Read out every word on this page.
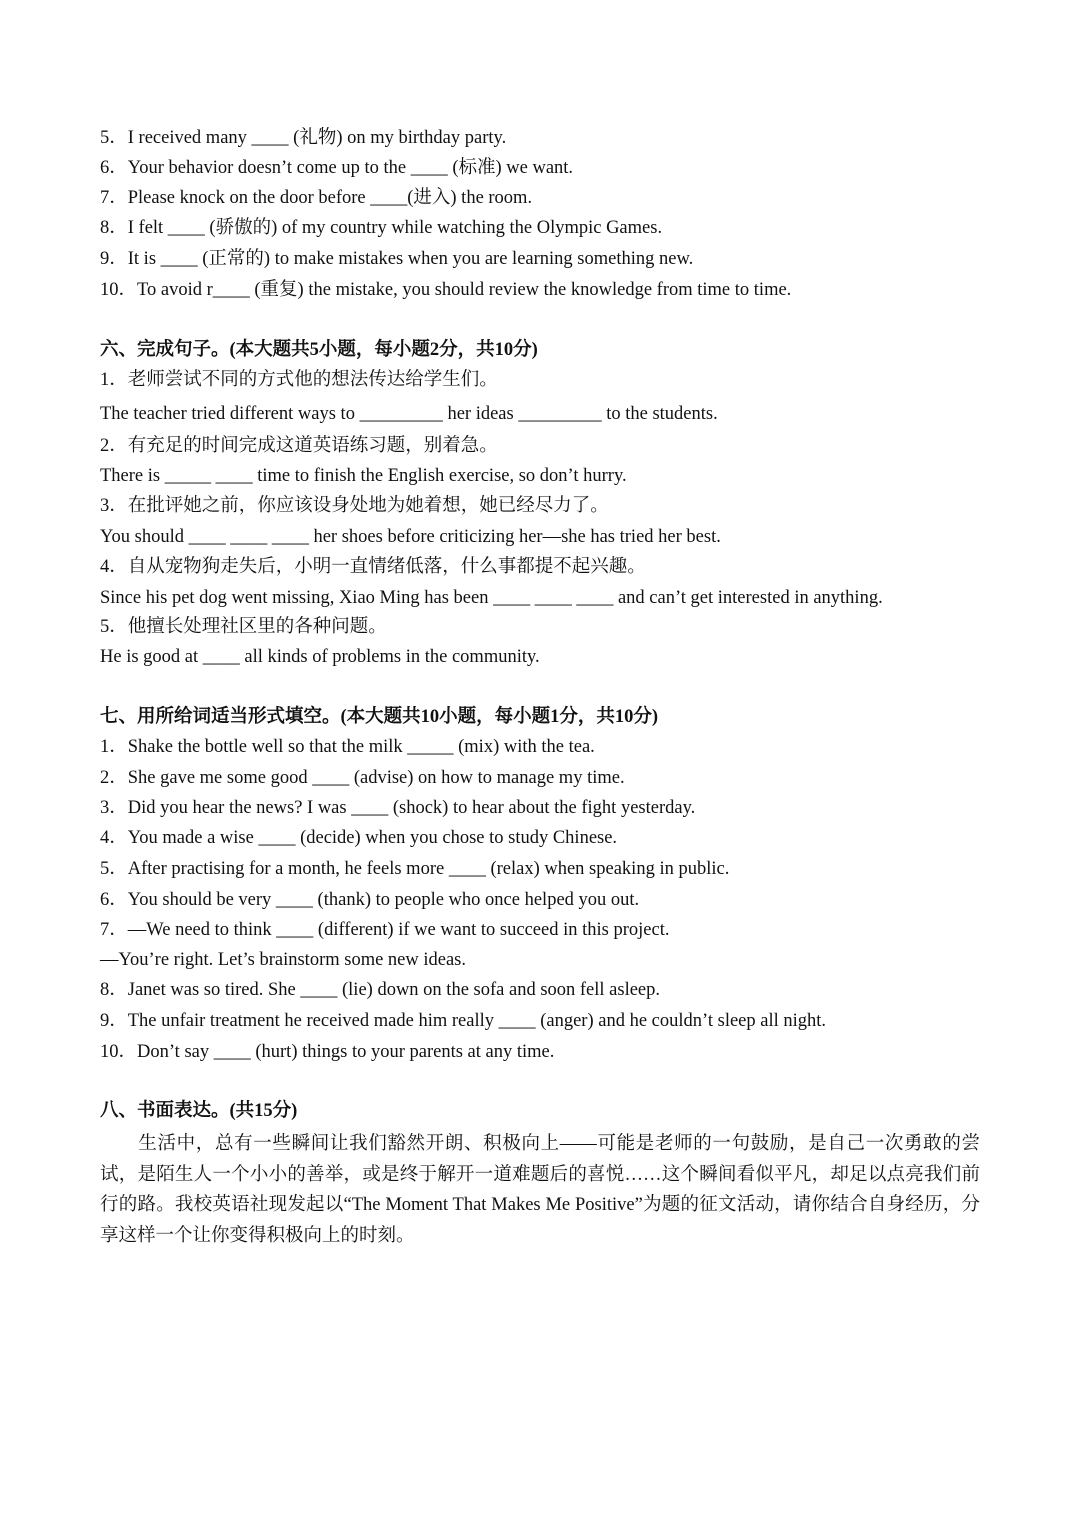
5．I received many ____ (礼物) on my birthday party.
6．Your behavior doesn’t come up to the ____ (标准) we want.
7．Please knock on the door before ____(进入) the room.
8．I felt ____ (骄傲的) of my country while watching the Olympic Games.
9．It is ____ (正常的) to make mistakes when you are learning something new.
10．To avoid r____ (重复) the mistake, you should review the knowledge from time to time.
六、完成句子。(本大题共5小题，每小题2分，共10分)
1．老师尝试不同的方式他的想法传达给学生们。
The teacher tried different ways to _________ her ideas _________ to the students.
2．有充足的时间完成这道英语练习题，别着急。
There is _____ ____ time to finish the English exercise, so don’t hurry.
3．在批评她之前，你应该设身处地为她着想，她已经尽力了。
You should ____ ____ ____ her shoes before criticizing her—she has tried her best.
4．自从宠物狗走失后，小明一直情绪低落，什么事都提不起兴趣。
Since his pet dog went missing, Xiao Ming has been ____ ____ ____ and can’t get interested in anything.
5．他擅长处理社区里的各种问题。
He is good at ____ all kinds of problems in the community.
七、用所给词适当形式填空。(本大题共10小题，每小题1分，共10分)
1．Shake the bottle well so that the milk _____ (mix) with the tea.
2．She gave me some good ____ (advise) on how to manage my time.
3．Did you hear the news? I was ____ (shock) to hear about the fight yesterday.
4．You made a wise ____ (decide) when you chose to study Chinese.
5．After practising for a month, he feels more ____ (relax) when speaking in public.
6．You should be very ____ (thank) to people who once helped you out.
7．—We need to think ____ (different) if we want to succeed in this project.
—You’re right. Let’s brainstorm some new ideas.
8．Janet was so tired. She ____ (lie) down on the sofa and soon fell asleep.
9．The unfair treatment he received made him really ____ (anger) and he couldn’t sleep all night.
10．Don’t say ____ (hurt) things to your parents at any time.
八、书面表达。(共15分)
　　生活中，总有一些瞬间让我们豁然开朗、积极向上——可能是老师的一句鼓励，是自己一次勇敢的尝试，是陌生人一个小小的善举，或是终于解开一道难题后的喜悦……这个瞬间看似平凡，却足以点亮我们前行的路。我校英语社现发起以“The Moment That Makes Me Positive”为题的征文活动，请你结合自身经历，分享这样一个让你变得积极向上的时刻。
